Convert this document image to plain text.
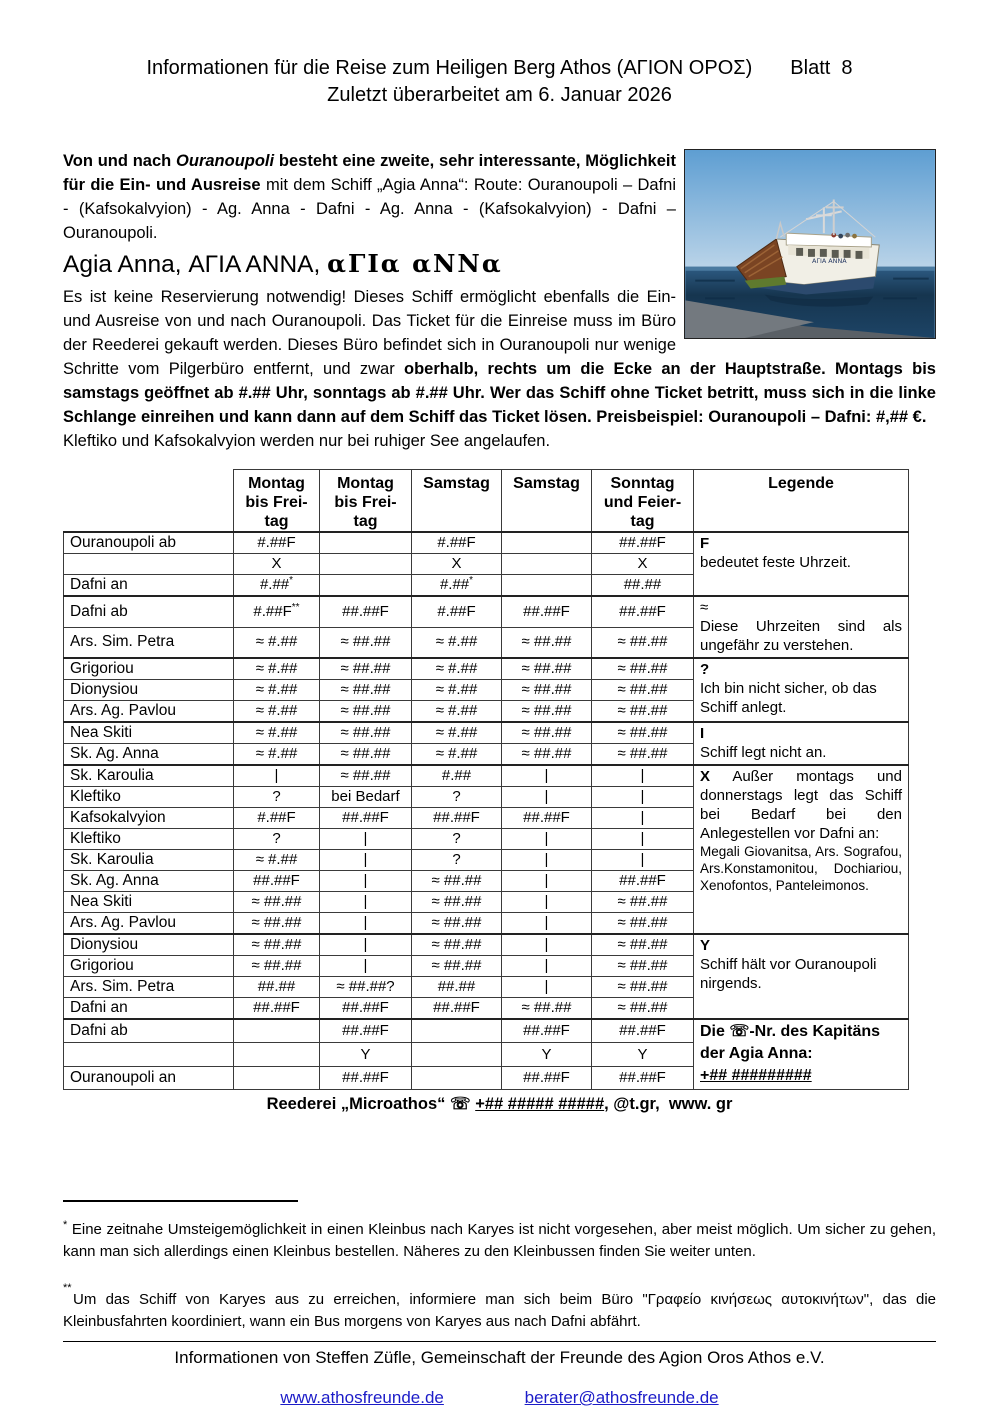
Informationen für die Reise zum Heiligen Berg Athos (ΑΓΙΟΝ ΟΡΟΣ) Blatt  8
Zuletzt überarbeitet am 6. Januar 2026
ΑΓΙΑ ΑΝΝΑ
Von und nach Ouranoupoli besteht eine zweite, sehr interessante, Möglichkeit für die Ein- und Ausreise mit dem Schiff „Agia Anna“: Route: Ouranoupoli – Dafni - (Kafsokalvyion) - Ag. Anna - Dafni - Ag. Anna - (Kafsokalvyion) - Dafni – Ouranoupoli.
Agia Anna, ΑΓΙΑ ΑΝΝΑ, αΓΙα αΝΝα
Es ist keine Reservierung notwendig! Dieses Schiff ermöglicht ebenfalls die Ein- und Ausreise von und nach Ouranoupoli. Das Ticket für die Einreise muss im Büro der Reederei gekauft werden. Dieses Büro befindet sich in Ouranoupoli nur wenige Schritte vom Pilgerbüro entfernt, und zwar oberhalb, rechts um die Ecke an der Hauptstraße. Montags bis samstags geöffnet ab #.## Uhr, sonntags ab #.## Uhr. Wer das Schiff ohne Ticket betritt, muss sich in die linke Schlange einreihen und kann dann auf dem Schiff das Ticket lösen. Preisbeispiel: Ouranoupoli – Dafni: #,## €.
Kleftiko und Kafsokalvyion werden nur bei ruhiger See angelaufen.
	Montag
bis Frei-
tag	Montag
bis Frei-
tag	Samstag	Samstag	Sonntag
und Feier-
tag	Legende
Ouranoupoli ab	#.##F		#.##F		##.##F	F
bedeutet feste Uhrzeit.

	X		X		X	
Dafni an	#.##*		#.##*		##.##	
Dafni ab	#.##F**	##.##F	#.##F	##.##F	##.##F	≈
Diese Uhrzeiten sind als ungefähr zu verstehen.

Ars. Sim. Petra	≈ #.##	≈ ##.##	≈ #.##	≈ ##.##	≈ ##.##	
Grigoriou	≈ #.##	≈ ##.##	≈ #.##	≈ ##.##	≈ ##.##	?
Ich bin nicht sicher, ob das Schiff anlegt.

Dionysiou	≈ #.##	≈ ##.##	≈ #.##	≈ ##.##	≈ ##.##	
Ars. Ag. Pavlou	≈ #.##	≈ ##.##	≈ #.##	≈ ##.##	≈ ##.##	
Nea Skiti	≈ #.##	≈ ##.##	≈ #.##	≈ ##.##	≈ ##.##	I
Schiff legt nicht an.

Sk. Ag. Anna	≈ #.##	≈ ##.##	≈ #.##	≈ ##.##	≈ ##.##	
Sk. Karoulia	|	≈ ##.##	#.##	|	|	X Außer montags und donnerstags legt das Schiff bei Bedarf bei den Anlegestellen vor Dafni an:
Megali Giovanitsa, Ars. Sografou, Ars.Konstamonitou, Dochiariou, Xenofontos, Panteleimonos.

Kleftiko	?	bei Bedarf	?	|	|	
Kafsokalvyion	#.##F	##.##F	##.##F	##.##F	|	
Kleftiko	?	|	?	|	|	
Sk. Karoulia	≈ #.##	|	?	|	|	
Sk. Ag. Anna	##.##F	|	≈ ##.##	|	##.##F	
Nea Skiti	≈ ##.##	|	≈ ##.##	|	≈ ##.##	
Ars. Ag. Pavlou	≈ ##.##	|	≈ ##.##	|	≈ ##.##	
Dionysiou	≈ ##.##	|	≈ ##.##	|	≈ ##.##	Y
Schiff hält vor Ouranoupoli nirgends.

Grigoriou	≈ ##.##	|	≈ ##.##	|	≈ ##.##	
Ars. Sim. Petra	##.##	≈ ##.##?	##.##	|	≈ ##.##	
Dafni an	##.##F	##.##F	##.##F	≈ ##.##	≈ ##.##	
Dafni ab		##.##F		##.##F	##.##F	Die ☏-Nr. des Kapitäns
der Agia Anna:
+## #########

		Y		Y	Y	
Ouranoupoli an		##.##F		##.##F	##.##F	
Reederei „Microathos“ ☏ +## ##### #####, @t.gr,  www. gr
* Eine zeitnahe Umsteigemöglichkeit in einen Kleinbus nach Karyes ist nicht vorgesehen, aber meist möglich. Um sicher zu gehen, kann man sich allerdings einen Kleinbus bestellen. Näheres zu den Kleinbussen finden Sie weiter unten.
**
Um das Schiff von Karyes aus zu erreichen, informiere man sich beim Büro "Γραφείο κινήσεως αυτοκινήτων", das die Kleinbusfahrten koordiniert, wann ein Bus morgens von Karyes aus nach Dafni abfährt.
Informationen von Steffen Züfle, Gemeinschaft der Freunde des Agion Oros Athos e.V.
www.athosfreunde.de	berater@athosfreunde.de
